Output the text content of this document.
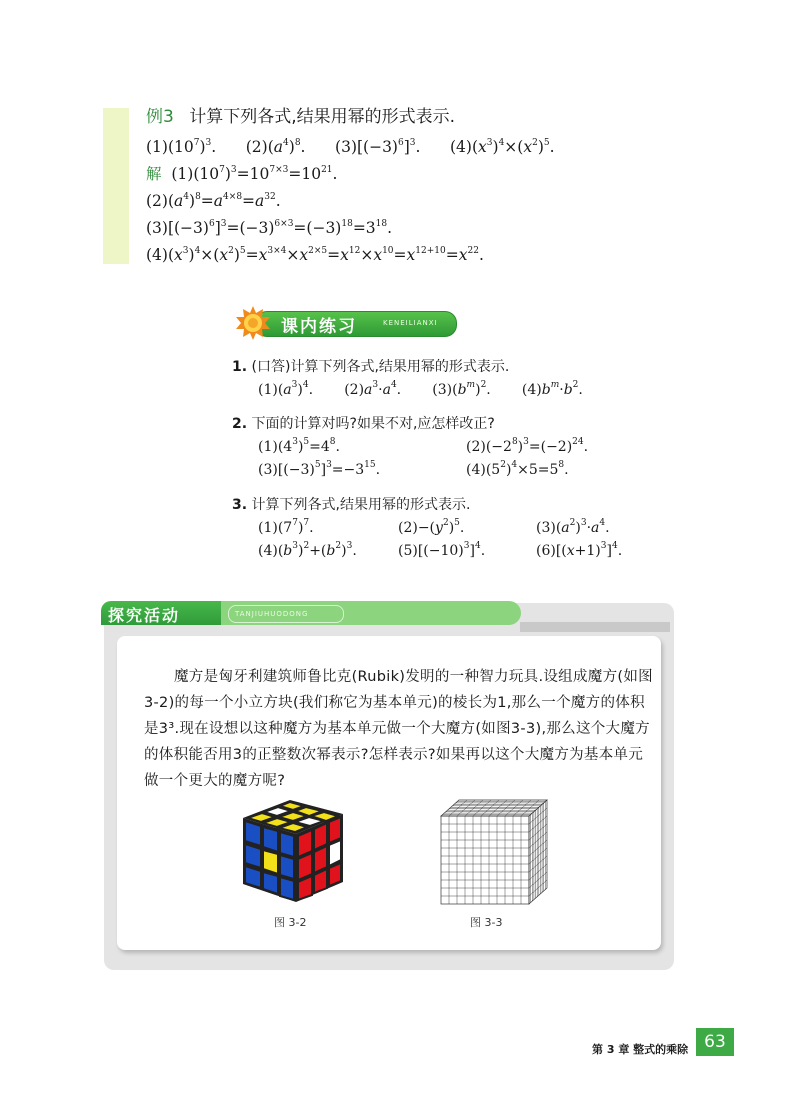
例3 计算下列各式,结果用幂的形式表示.
$(1)(10^7)^3$.      $(2)(a^4)^8$.      $(3)[(-3)^6]^3$.      $(4)(x^3)^4\times(x^2)^5$.
解  $(1)(10^7)^3=10^{7\times 3}=10^{21}$.
$(2)(a^4)^8=a^{4\times 8}=a^{32}$.
$(3)[(-3)^6]^3=(-3)^{6\times 3}=(-3)^{18}=3^{18}$.
$(4)(x^3)^4\times(x^2)^5=x^{3\times 4}\times x^{2\times 5}=x^{12}\times x^{10}=x^{12+10}=x^{22}$.
课内练习	KENEILIANXI
1. (口答)计算下列各式,结果用幂的形式表示.
$(1)(a^3)^4$.       $(2)a^3\cdot a^4$.       $(3)(b^m)^2$.       $(4)b^m\cdot b^2$.
2. 下面的计算对吗?如果不对,应怎样改正?
$(1)(4^3)^5=4^8$.	$(2)(-2^8)^3=(-2)^{24}$.
$(3)[(-3)^5]^3=-3^{15}$.	$(4)(5^2)^4\times 5=5^8$.
3. 计算下列各式,结果用幂的形式表示.
$(1)(7^7)^7$.	$(2)-(y^2)^5$.	$(3)(a^2)^3\cdot a^4$.
$(4)(b^3)^2+(b^2)^3$.	$(5)[(-10)^3]^4$.	$(6)[(x+1)^3]^4$.
TANJIUHUODONG
探究活动
魔方是匈牙利建筑师鲁比克(Rubik)发明的一种智力玩具.设组成魔方(如图3-2)的每一个小立方块(我们称它为基本单元)的棱长为1,那么一个魔方的体积是3³.现在设想以这种魔方为基本单元做一个大魔方(如图3-3),那么这个大魔方的体积能否用3的正整数次幂表示?怎样表示?如果再以这个大魔方为基本单元做一个更大的魔方呢?
图 3-2	图 3-3
第 3 章 整式的乘除 63
